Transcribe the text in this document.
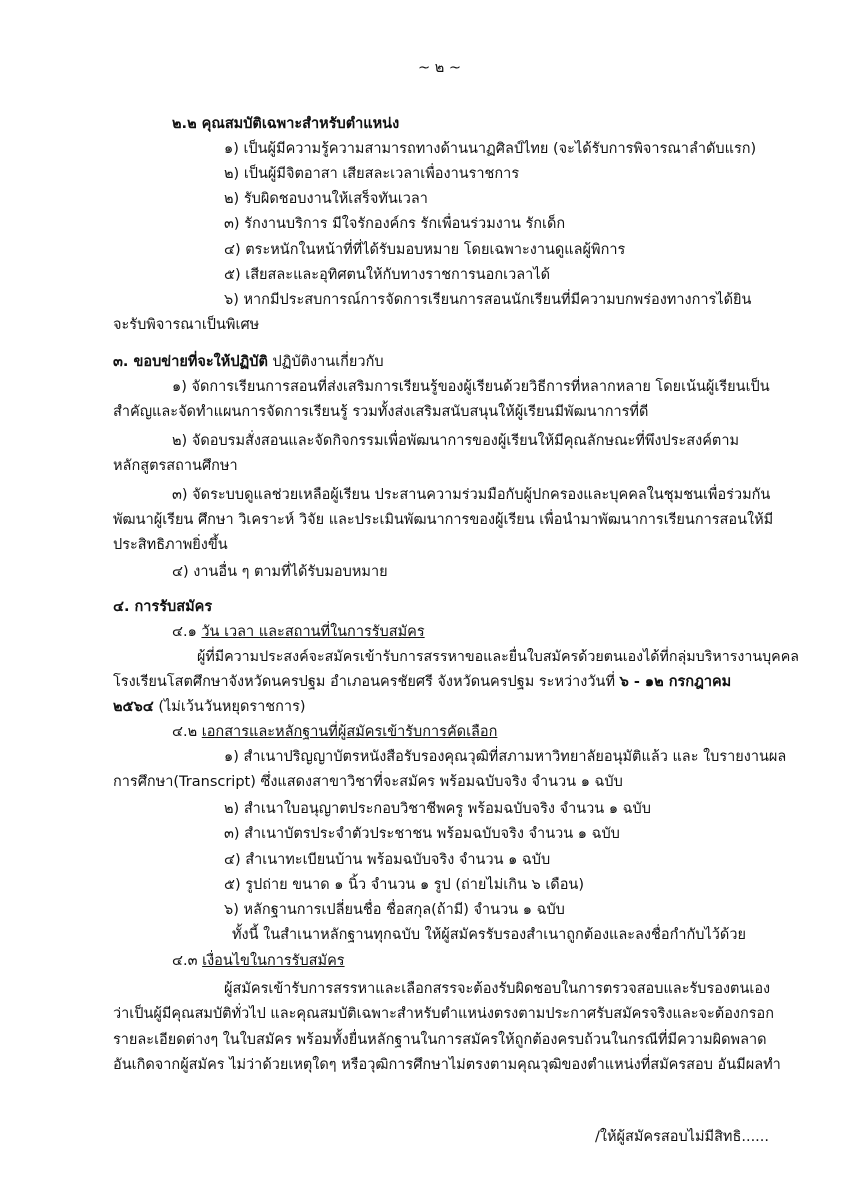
~ ๒ ~
๒.๒ คุณสมบัติเฉพาะสำหรับตำแหน่ง
๑) เป็นผู้มีความรู้ความสามารถทางด้านนาฏศิลป์ไทย (จะได้รับการพิจารณาลำดับแรก)
๒) เป็นผู้มีจิตอาสา เสียสละเวลาเพื่องานราชการ
๒) รับผิดชอบงานให้เสร็จทันเวลา
๓) รักงานบริการ มีใจรักองค์กร รักเพื่อนร่วมงาน รักเด็ก
๔) ตระหนักในหน้าที่ที่ได้รับมอบหมาย โดยเฉพาะงานดูแลผู้พิการ
๕) เสียสละและอุทิศตนให้กับทางราชการนอกเวลาได้
๖) หากมีประสบการณ์การจัดการเรียนการสอนนักเรียนที่มีความบกพร่องทางการได้ยิน
จะรับพิจารณาเป็นพิเศษ
๓. ขอบข่ายที่จะให้ปฏิบัติ ปฏิบัติงานเกี่ยวกับ
๑) จัดการเรียนการสอนที่ส่งเสริมการเรียนรู้ของผู้เรียนด้วยวิธีการที่หลากหลาย โดยเน้นผู้เรียนเป็น
สำคัญและจัดทำแผนการจัดการเรียนรู้ รวมทั้งส่งเสริมสนับสนุนให้ผู้เรียนมีพัฒนาการที่ดี
๒) จัดอบรมสั่งสอนและจัดกิจกรรมเพื่อพัฒนาการของผู้เรียนให้มีคุณลักษณะที่พึงประสงค์ตาม
หลักสูตรสถานศึกษา
๓) จัดระบบดูแลช่วยเหลือผู้เรียน ประสานความร่วมมือกับผู้ปกครองและบุคคลในชุมชนเพื่อร่วมกัน
พัฒนาผู้เรียน ศึกษา วิเคราะห์ วิจัย และประเมินพัฒนาการของผู้เรียน เพื่อนำมาพัฒนาการเรียนการสอนให้มี
ประสิทธิภาพยิ่งขึ้น
๔) งานอื่น ๆ ตามที่ได้รับมอบหมาย
๔. การรับสมัคร
๔.๑ วัน เวลา และสถานที่ในการรับสมัคร
ผู้ที่มีความประสงค์จะสมัครเข้ารับการสรรหาขอและยื่นใบสมัครด้วยตนเองได้ที่กลุ่มบริหารงานบุคคล
โรงเรียนโสตศึกษาจังหวัดนครปฐม อำเภอนครชัยศรี จังหวัดนครปฐม ระหว่างวันที่ ๖ - ๑๒ กรกฎาคม
๒๕๖๔ (ไม่เว้นวันหยุดราชการ)
๔.๒ เอกสารและหลักฐานที่ผู้สมัครเข้ารับการคัดเลือก
๑) สำเนาปริญญาบัตรหนังสือรับรองคุณวุฒิที่สภามหาวิทยาลัยอนุมัติแล้ว และ ใบรายงานผล
การศึกษา(Transcript) ซึ่งแสดงสาขาวิชาที่จะสมัคร พร้อมฉบับจริง จำนวน ๑ ฉบับ
๒) สำเนาใบอนุญาตประกอบวิชาชีพครู พร้อมฉบับจริง จำนวน ๑ ฉบับ
๓) สำเนาบัตรประจำตัวประชาชน พร้อมฉบับจริง จำนวน ๑ ฉบับ
๔) สำเนาทะเบียนบ้าน พร้อมฉบับจริง จำนวน ๑ ฉบับ
๕) รูปถ่าย ขนาด ๑ นิ้ว จำนวน ๑ รูป (ถ่ายไม่เกิน ๖ เดือน)
๖) หลักฐานการเปลี่ยนชื่อ ชื่อสกุล(ถ้ามี) จำนวน ๑ ฉบับ
ทั้งนี้ ในสำเนาหลักฐานทุกฉบับ ให้ผู้สมัครรับรองสำเนาถูกต้องและลงชื่อกำกับไว้ด้วย
๔.๓ เงื่อนไขในการรับสมัคร
ผู้สมัครเข้ารับการสรรหาและเลือกสรรจะต้องรับผิดชอบในการตรวจสอบและรับรองตนเอง
ว่าเป็นผู้มีคุณสมบัติทั่วไป และคุณสมบัติเฉพาะสำหรับตำแหน่งตรงตามประกาศรับสมัครจริงและจะต้องกรอก
รายละเอียดต่างๆ ในใบสมัคร พร้อมทั้งยื่นหลักฐานในการสมัครให้ถูกต้องครบถ้วนในกรณีที่มีความผิดพลาด
อันเกิดจากผู้สมัคร ไม่ว่าด้วยเหตุใดๆ หรือวุฒิการศึกษาไม่ตรงตามคุณวุฒิของตำแหน่งที่สมัครสอบ อันมีผลทำ
/ให้ผู้สมัครสอบไม่มีสิทธิ......
